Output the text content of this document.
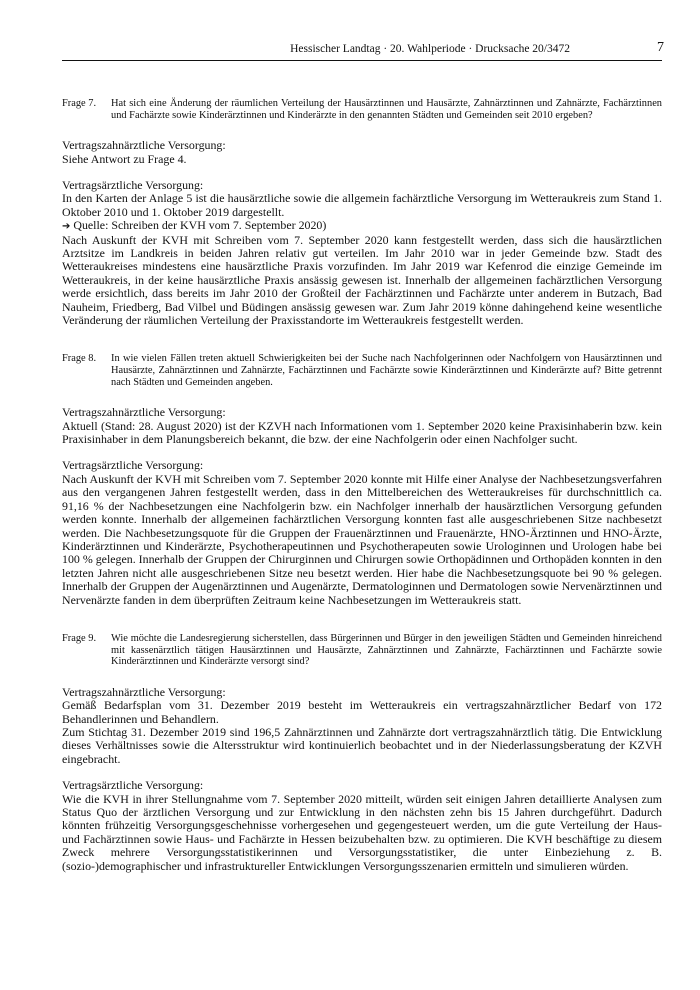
Hessischer Landtag · 20. Wahlperiode · Drucksache 20/3472	7
Frage 7. Hat sich eine Änderung der räumlichen Verteilung der Hausärztinnen und Hausärzte, Zahnärztinnen und Zahnärzte, Fachärztinnen und Fachärzte sowie Kinderärztinnen und Kinderärzte in den genannten Städten und Gemeinden seit 2010 ergeben?

Vertragszahnärztliche Versorgung:

Siehe Antwort zu Frage 4.

Vertragsärztliche Versorgung:

In den Karten der Anlage 5 ist die hausärztliche sowie die allgemein fachärztliche Versorgung im Wetteraukreis zum Stand 1. Oktober 2010 und 1. Oktober 2019 dargestellt.

➔ Quelle: Schreiben der KVH vom 7. September 2020)

Nach Auskunft der KVH mit Schreiben vom 7. September 2020 kann festgestellt werden, dass sich die hausärztlichen Arztsitze im Landkreis in beiden Jahren relativ gut verteilen. Im Jahr 2010 war in jeder Gemeinde bzw. Stadt des Wetteraukreises mindestens eine hausärztliche Praxis vorzufinden. Im Jahr 2019 war Kefenrod die einzige Gemeinde im Wetteraukreis, in der keine hausärztliche Praxis ansässig gewesen ist. Innerhalb der allgemeinen fachärztlichen Versorgung werde ersichtlich, dass bereits im Jahr 2010 der Großteil der Fachärztinnen und Fachärzte unter anderem in Butzach, Bad Nauheim, Friedberg, Bad Vilbel und Büdingen ansässig gewesen war. Zum Jahr 2019 könne dahingehend keine wesentliche Veränderung der räumlichen Verteilung der Praxisstandorte im Wetteraukreis festgestellt werden.

Frage 8. In wie vielen Fällen treten aktuell Schwierigkeiten bei der Suche nach Nachfolgerinnen oder Nachfolgern von Hausärztinnen und Hausärzte, Zahnärztinnen und Zahnärzte, Fachärztinnen und Fachärzte sowie Kinderärztinnen und Kinderärzte auf? Bitte getrennt nach Städten und Gemeinden angeben.

Vertragszahnärztliche Versorgung:

Aktuell (Stand: 28. August 2020) ist der KZVH nach Informationen vom 1. September 2020 keine Praxisinhaberin bzw. kein Praxisinhaber in dem Planungsbereich bekannt, die bzw. der eine Nachfolgerin oder einen Nachfolger sucht.

Vertragsärztliche Versorgung:

Nach Auskunft der KVH mit Schreiben vom 7. September 2020 konnte mit Hilfe einer Analyse der Nachbesetzungsverfahren aus den vergangenen Jahren festgestellt werden, dass in den Mittelbereichen des Wetteraukreises für durchschnittlich ca. 91,16 % der Nachbesetzungen eine Nachfolgerin bzw. ein Nachfolger innerhalb der hausärztlichen Versorgung gefunden werden konnte. Innerhalb der allgemeinen fachärztlichen Versorgung konnten fast alle ausgeschriebenen Sitze nachbesetzt werden. Die Nachbesetzungsquote für die Gruppen der Frauenärztinnen und Frauenärzte, HNO-Ärztinnen und HNO-Ärzte, Kinderärztinnen und Kinderärzte, Psychotherapeutinnen und Psychotherapeuten sowie Urologinnen und Urologen habe bei 100 % gelegen. Innerhalb der Gruppen der Chirurginnen und Chirurgen sowie Orthopädinnen und Orthopäden konnten in den letzten Jahren nicht alle ausgeschriebenen Sitze neu besetzt werden. Hier habe die Nachbesetzungsquote bei 90 % gelegen. Innerhalb der Gruppen der Augenärztinnen und Augenärzte, Dermatologinnen und Dermatologen sowie Nervenärztinnen und Nervenärzte fanden in dem überprüften Zeitraum keine Nachbesetzungen im Wetteraukreis statt.

Frage 9. Wie möchte die Landesregierung sicherstellen, dass Bürgerinnen und Bürger in den jeweiligen Städten und Gemeinden hinreichend mit kassenärztlich tätigen Hausärztinnen und Hausärzte, Zahnärztinnen und Zahnärzte, Fachärztinnen und Fachärzte sowie Kinderärztinnen und Kinderärzte versorgt sind?

Vertragszahnärztliche Versorgung:

Gemäß Bedarfsplan vom 31. Dezember 2019 besteht im Wetteraukreis ein vertragszahnärztlicher Bedarf von 172 Behandlerinnen und Behandlern.

Zum Stichtag 31. Dezember 2019 sind 196,5 Zahnärztinnen und Zahnärzte dort vertragszahnärztlich tätig. Die Entwicklung dieses Verhältnisses sowie die Altersstruktur wird kontinuierlich beobachtet und in der Niederlassungsberatung der KZVH eingebracht.

Vertragsärztliche Versorgung:

Wie die KVH in ihrer Stellungnahme vom 7. September 2020 mitteilt, würden seit einigen Jahren detaillierte Analysen zum Status Quo der ärztlichen Versorgung und zur Entwicklung in den nächsten zehn bis 15 Jahren durchgeführt. Dadurch könnten frühzeitig Versorgungsgeschehnisse vorhergesehen und gegengesteuert werden, um die gute Verteilung der Haus- und Fachärztinnen sowie Haus- und Fachärzte in Hessen beizubehalten bzw. zu optimieren. Die KVH beschäftige zu diesem Zweck mehrere Versorgungsstatistikerinnen und Versorgungsstatistiker, die unter Einbeziehung z. B. (sozio-)demographischer und infrastruktureller Entwicklungen Versorgungsszenarien ermitteln und simulieren würden.
